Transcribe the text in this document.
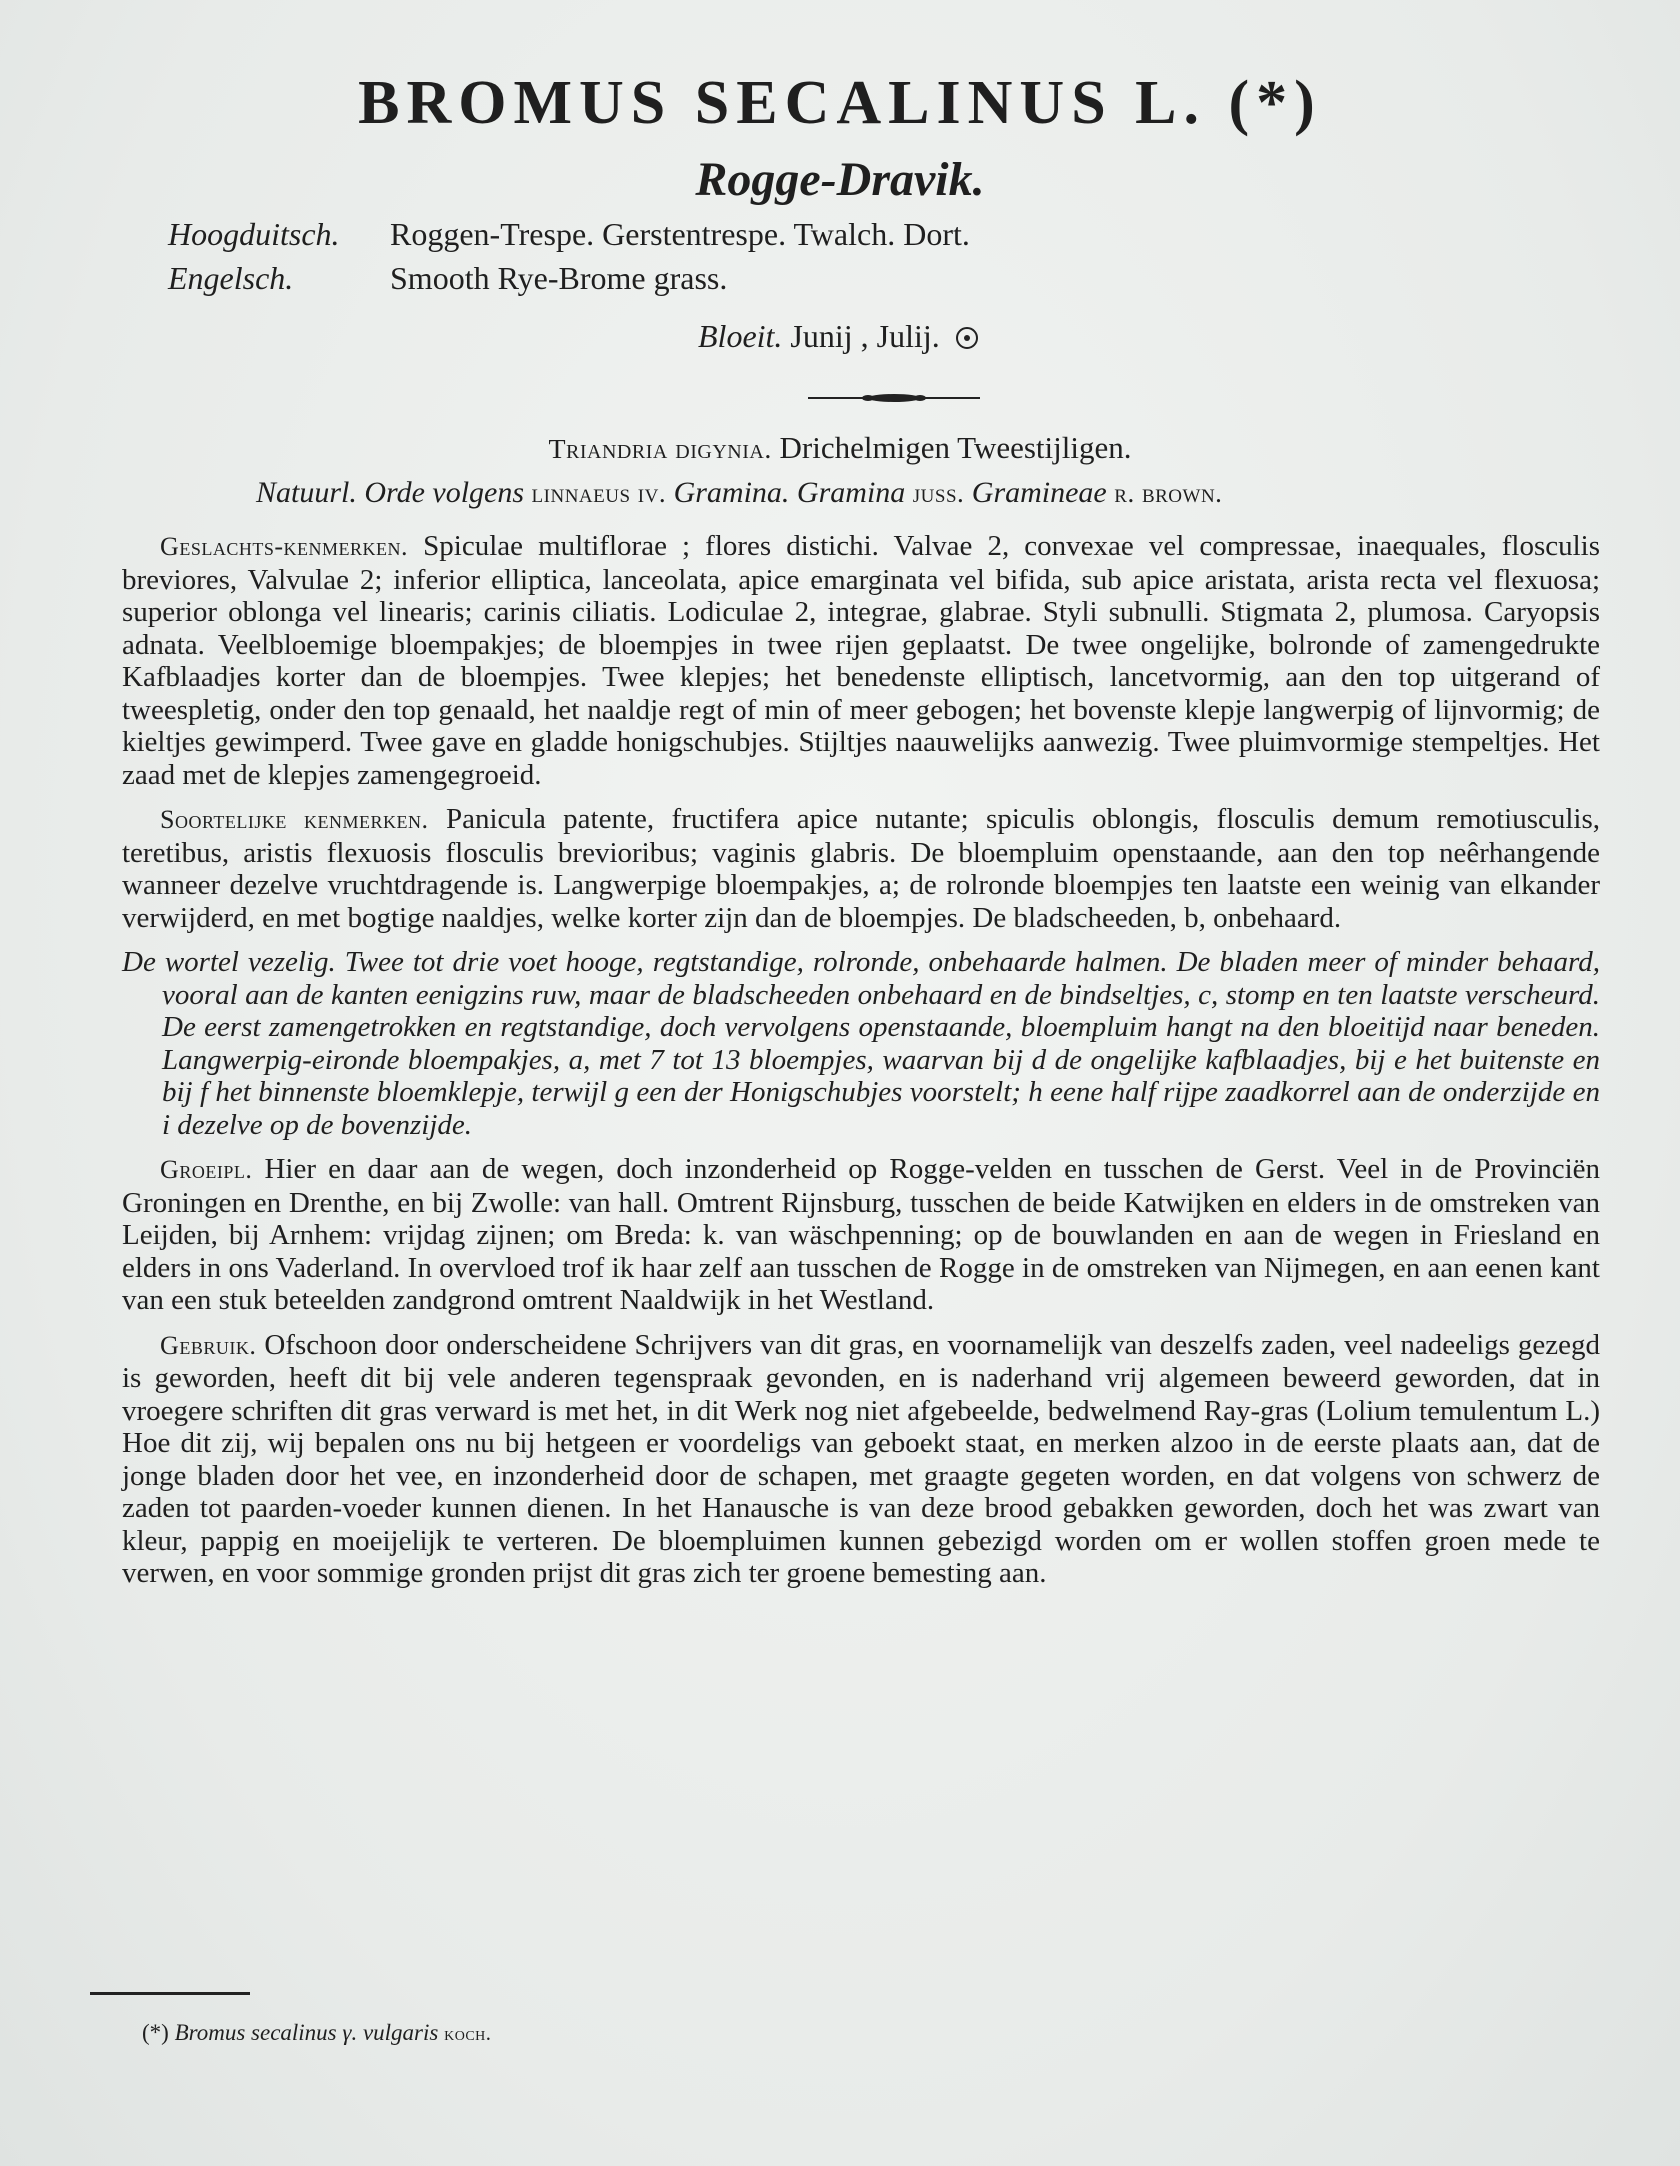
BROMUS SECALINUS L. (*)
Rogge-Dravik.
Hoogduitsch. Roggen-Trespe. Gerstentrespe. Twalch. Dort.
Engelsch.	Smooth Rye-Brome grass.
Bloeit. Junij , Julij.
Triandria digynia. Drichelmigen Tweestijligen.
Natuurl. Orde volgens linnaeus iv. Gramina. Gramina juss. Gramineae r. brown.

Geslachts-kenmerken. Spiculae multiflorae ; flores distichi. Valvae 2, convexae vel compressae, inaequales, flosculis breviores, Valvulae 2; inferior elliptica, lanceolata, apice emarginata vel bifida, sub apice aristata, arista recta vel flexuosa; superior oblonga vel linearis; carinis ciliatis. Lodiculae 2, integrae, glabrae. Styli subnulli. Stigmata 2, plumosa. Caryopsis adnata. Veelbloemige bloempakjes; de bloempjes in twee rijen geplaatst. De twee ongelijke, bolronde of zamengedrukte Kafblaadjes korter dan de bloempjes. Twee klepjes; het benedenste elliptisch, lancetvormig, aan den top uitgerand of tweespletig, onder den top genaald, het naaldje regt of min of meer gebogen; het bovenste klepje langwerpig of lijnvormig; de kieltjes gewimperd. Twee gave en gladde honigschubjes. Stijltjes naauwelijks aanwezig. Twee pluimvormige stempeltjes. Het zaad met de klepjes zamengegroeid.

Soortelijke kenmerken. Panicula patente, fructifera apice nutante; spiculis oblongis, flosculis demum remotiusculis, teretibus, aristis flexuosis flosculis brevioribus; vaginis glabris. De bloempluim openstaande, aan den top neêrhangende wanneer dezelve vruchtdragende is. Langwerpige bloempakjes, a; de rolronde bloempjes ten laatste een weinig van elkander verwijderd, en met bogtige naaldjes, welke korter zijn dan de bloempjes. De bladscheeden, b, onbehaard.

De wortel vezelig. Twee tot drie voet hooge, regtstandige, rolronde, onbehaarde halmen. De bladen meer of minder behaard, vooral aan de kanten eenigzins ruw, maar de bladscheeden onbehaard en de bindseltjes, c, stomp en ten laatste verscheurd. De eerst zamengetrokken en regtstandige, doch vervolgens openstaande, bloempluim hangt na den bloeitijd naar beneden. Langwerpig-eironde bloempakjes, a, met 7 tot 13 bloempjes, waarvan bij d de ongelijke kafblaadjes, bij e het buitenste en bij f het binnenste bloemklepje, terwijl g een der Honigschubjes voorstelt; h eene half rijpe zaadkorrel aan de onderzijde en i dezelve op de bovenzijde.

Groeipl. Hier en daar aan de wegen, doch inzonderheid op Rogge-velden en tusschen de Gerst. Veel in de Provinciën Groningen en Drenthe, en bij Zwolle: van hall. Omtrent Rijnsburg, tusschen de beide Katwijken en elders in de omstreken van Leijden, bij Arnhem: vrijdag zijnen; om Breda: k. van wäschpenning; op de bouwlanden en aan de wegen in Friesland en elders in ons Vaderland. In overvloed trof ik haar zelf aan tusschen de Rogge in de omstreken van Nijmegen, en aan eenen kant van een stuk beteelden zandgrond omtrent Naaldwijk in het Westland.

Gebruik. Ofschoon door onderscheidene Schrijvers van dit gras, en voornamelijk van deszelfs zaden, veel nadeeligs gezegd is geworden, heeft dit bij vele anderen tegenspraak gevonden, en is naderhand vrij algemeen beweerd geworden, dat in vroegere schriften dit gras verward is met het, in dit Werk nog niet afgebeelde, bedwelmend Ray-gras (Lolium temulentum L.) Hoe dit zij, wij bepalen ons nu bij hetgeen er voordeligs van geboekt staat, en merken alzoo in de eerste plaats aan, dat de jonge bladen door het vee, en inzonderheid door de schapen, met graagte gegeten worden, en dat volgens von schwerz de zaden tot paarden-voeder kunnen dienen. In het Hanausche is van deze brood gebakken geworden, doch het was zwart van kleur, pappig en moeijelijk te verteren. De bloempluimen kunnen gebezigd worden om er wollen stoffen groen mede te verwen, en voor sommige gronden prijst dit gras zich ter groene bemesting aan.

(*) Bromus secalinus γ. vulgaris koch.
